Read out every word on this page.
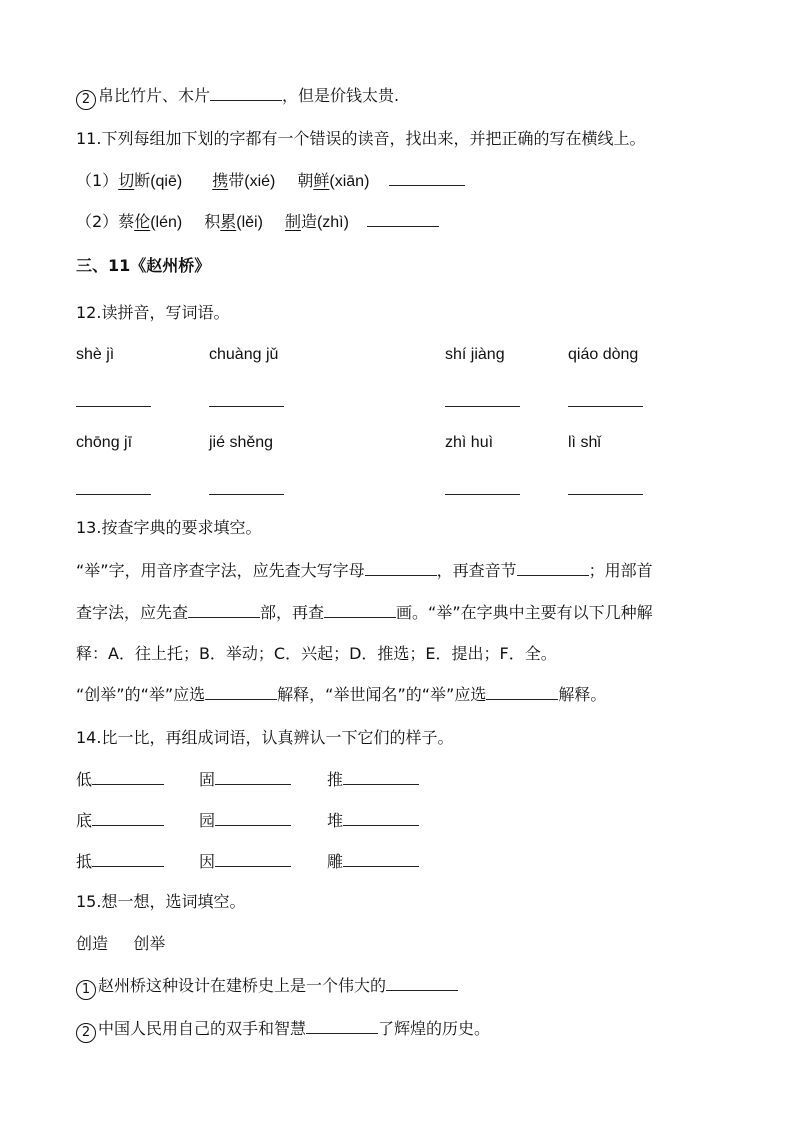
2 帛比竹片、木片	，但是价钱太贵.
11.下列每组加下划的字都有一个错误的读音，找出来，并把正确的写在横线上。
（1）切断(qiē) 携带(xié) 朝鲜(xiān)
（2）蔡伦(lén) 积累(lěi) 制造(zhì)
三、11《赵州桥》
12.读拼音，写词语。
shè jì	chuàng jǔ	shí jiàng	qiáo dòng
chōng jī	jié shěng	zhì huì	lì shǐ
13.按查字典的要求填空。
“举”字，用音序查字法，应先查大写字母	，再查音节	；用部首
查字法，应先查	部，再查	画。“举”在字典中主要有以下几种解
释：A．往上托；B．举动；C．兴起；D．推选；E．提出；F．全。
“创举”的“举”应选	解释，“举世闻名”的“举”应选	解释。
14.比一比，再组成词语，认真辨认一下它们的样子。
低	固	推
底	园	堆
抵	因	雕
15.想一想，选词填空。
创造     创举
1 赵州桥这种设计在建桥史上是一个伟大的
2 中国人民用自己的双手和智慧	了辉煌的历史。
